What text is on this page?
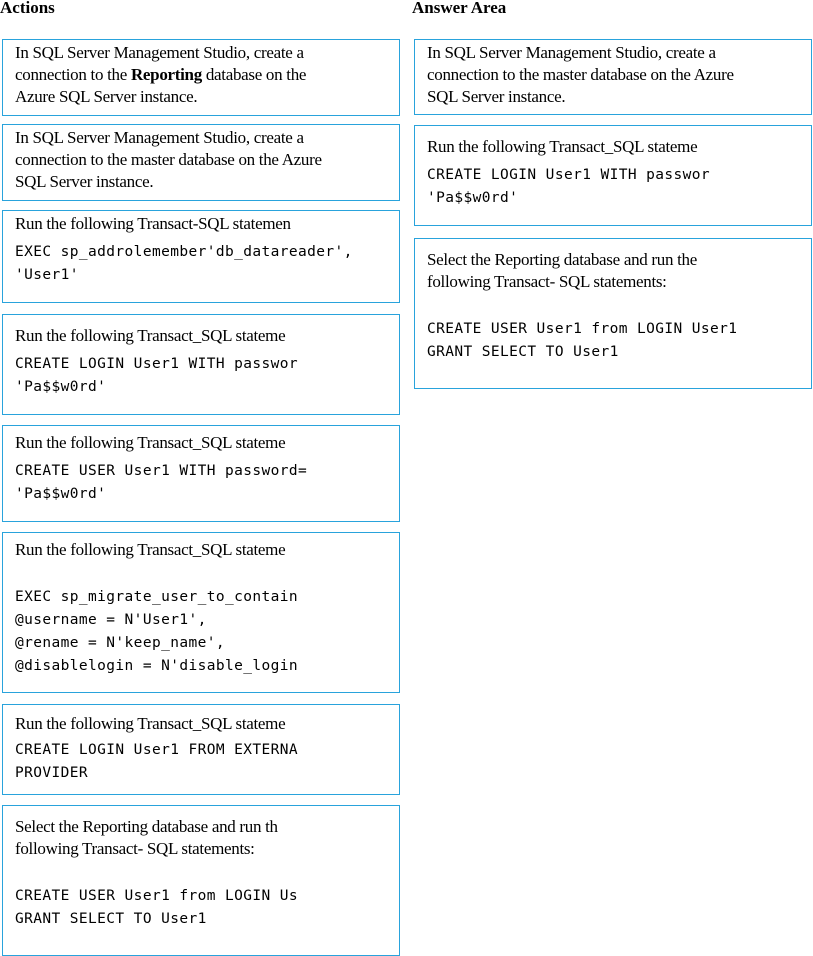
Actions	Answer Area
In SQL Server Management Studio, create a
connection to the Reporting database on the
Azure SQL Server instance.
In SQL Server Management Studio, create a
connection to the master database on the Azure
SQL Server instance.
Run the following Transact-SQL statemen
EXEC sp_addrolemember'db_datareader',
'User1'
Run the following Transact_SQL stateme
CREATE LOGIN User1 WITH passwor
'Pa$$w0rd'
Run the following Transact_SQL stateme
CREATE USER User1 WITH password=
'Pa$$w0rd'
Run the following Transact_SQL stateme

EXEC sp_migrate_user_to_contain
@username = N'User1',
@rename = N'keep_name',
@disablelogin = N'disable_login
Run the following Transact_SQL stateme
CREATE LOGIN User1 FROM EXTERNA
PROVIDER
Select the Reporting database and run th
following Transact- SQL statements:

CREATE USER User1 from LOGIN Us
GRANT SELECT TO User1
In SQL Server Management Studio, create a
connection to the master database on the Azure
SQL Server instance.
Run the following Transact_SQL stateme
CREATE LOGIN User1 WITH passwor
'Pa$$w0rd'
Select the Reporting database and run the
following Transact- SQL statements:

CREATE USER User1 from LOGIN User1
GRANT SELECT TO User1
